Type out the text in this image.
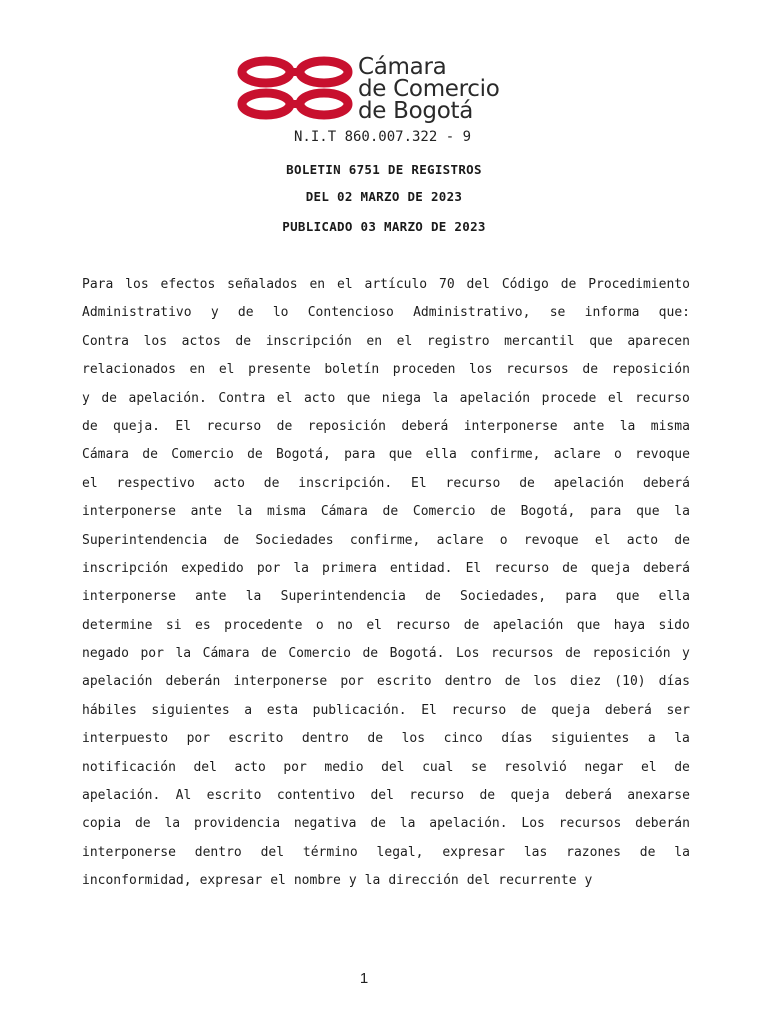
Cámara
de Comercio
de Bogotá
N.I.T 860.007.322 - 9
BOLETIN 6751 DE REGISTROS
DEL 02 MARZO DE 2023
PUBLICADO 03 MARZO DE 2023
Para los efectos señalados en el artículo 70 del Código de Procedimiento
Administrativo y de lo Contencioso Administrativo, se informa que:
Contra los actos de inscripción en el registro mercantil que aparecen
relacionados en el presente boletín proceden los recursos de reposición
y de apelación. Contra el acto que niega la apelación procede el recurso
de queja. El recurso de reposición deberá interponerse ante la misma
Cámara de Comercio de Bogotá, para que ella confirme, aclare o revoque
el respectivo acto de inscripción. El recurso de apelación deberá
interponerse ante la misma Cámara de Comercio de Bogotá, para que la
Superintendencia de Sociedades confirme, aclare o revoque el acto de
inscripción expedido por la primera entidad. El recurso de queja deberá
interponerse ante la Superintendencia de Sociedades, para que ella
determine si es procedente o no el recurso de apelación que haya sido
negado por la Cámara de Comercio de Bogotá. Los recursos de reposición y
apelación deberán interponerse por escrito dentro de los diez (10) días
hábiles siguientes a esta publicación. El recurso de queja deberá ser
interpuesto por escrito dentro de los cinco días siguientes a la
notificación del acto por medio del cual se resolvió negar el de
apelación. Al escrito contentivo del recurso de queja deberá anexarse
copia de la providencia negativa de la apelación. Los recursos deberán
interponerse dentro del término legal, expresar las razones de la
inconformidad, expresar el nombre y la dirección del recurrente y
1
